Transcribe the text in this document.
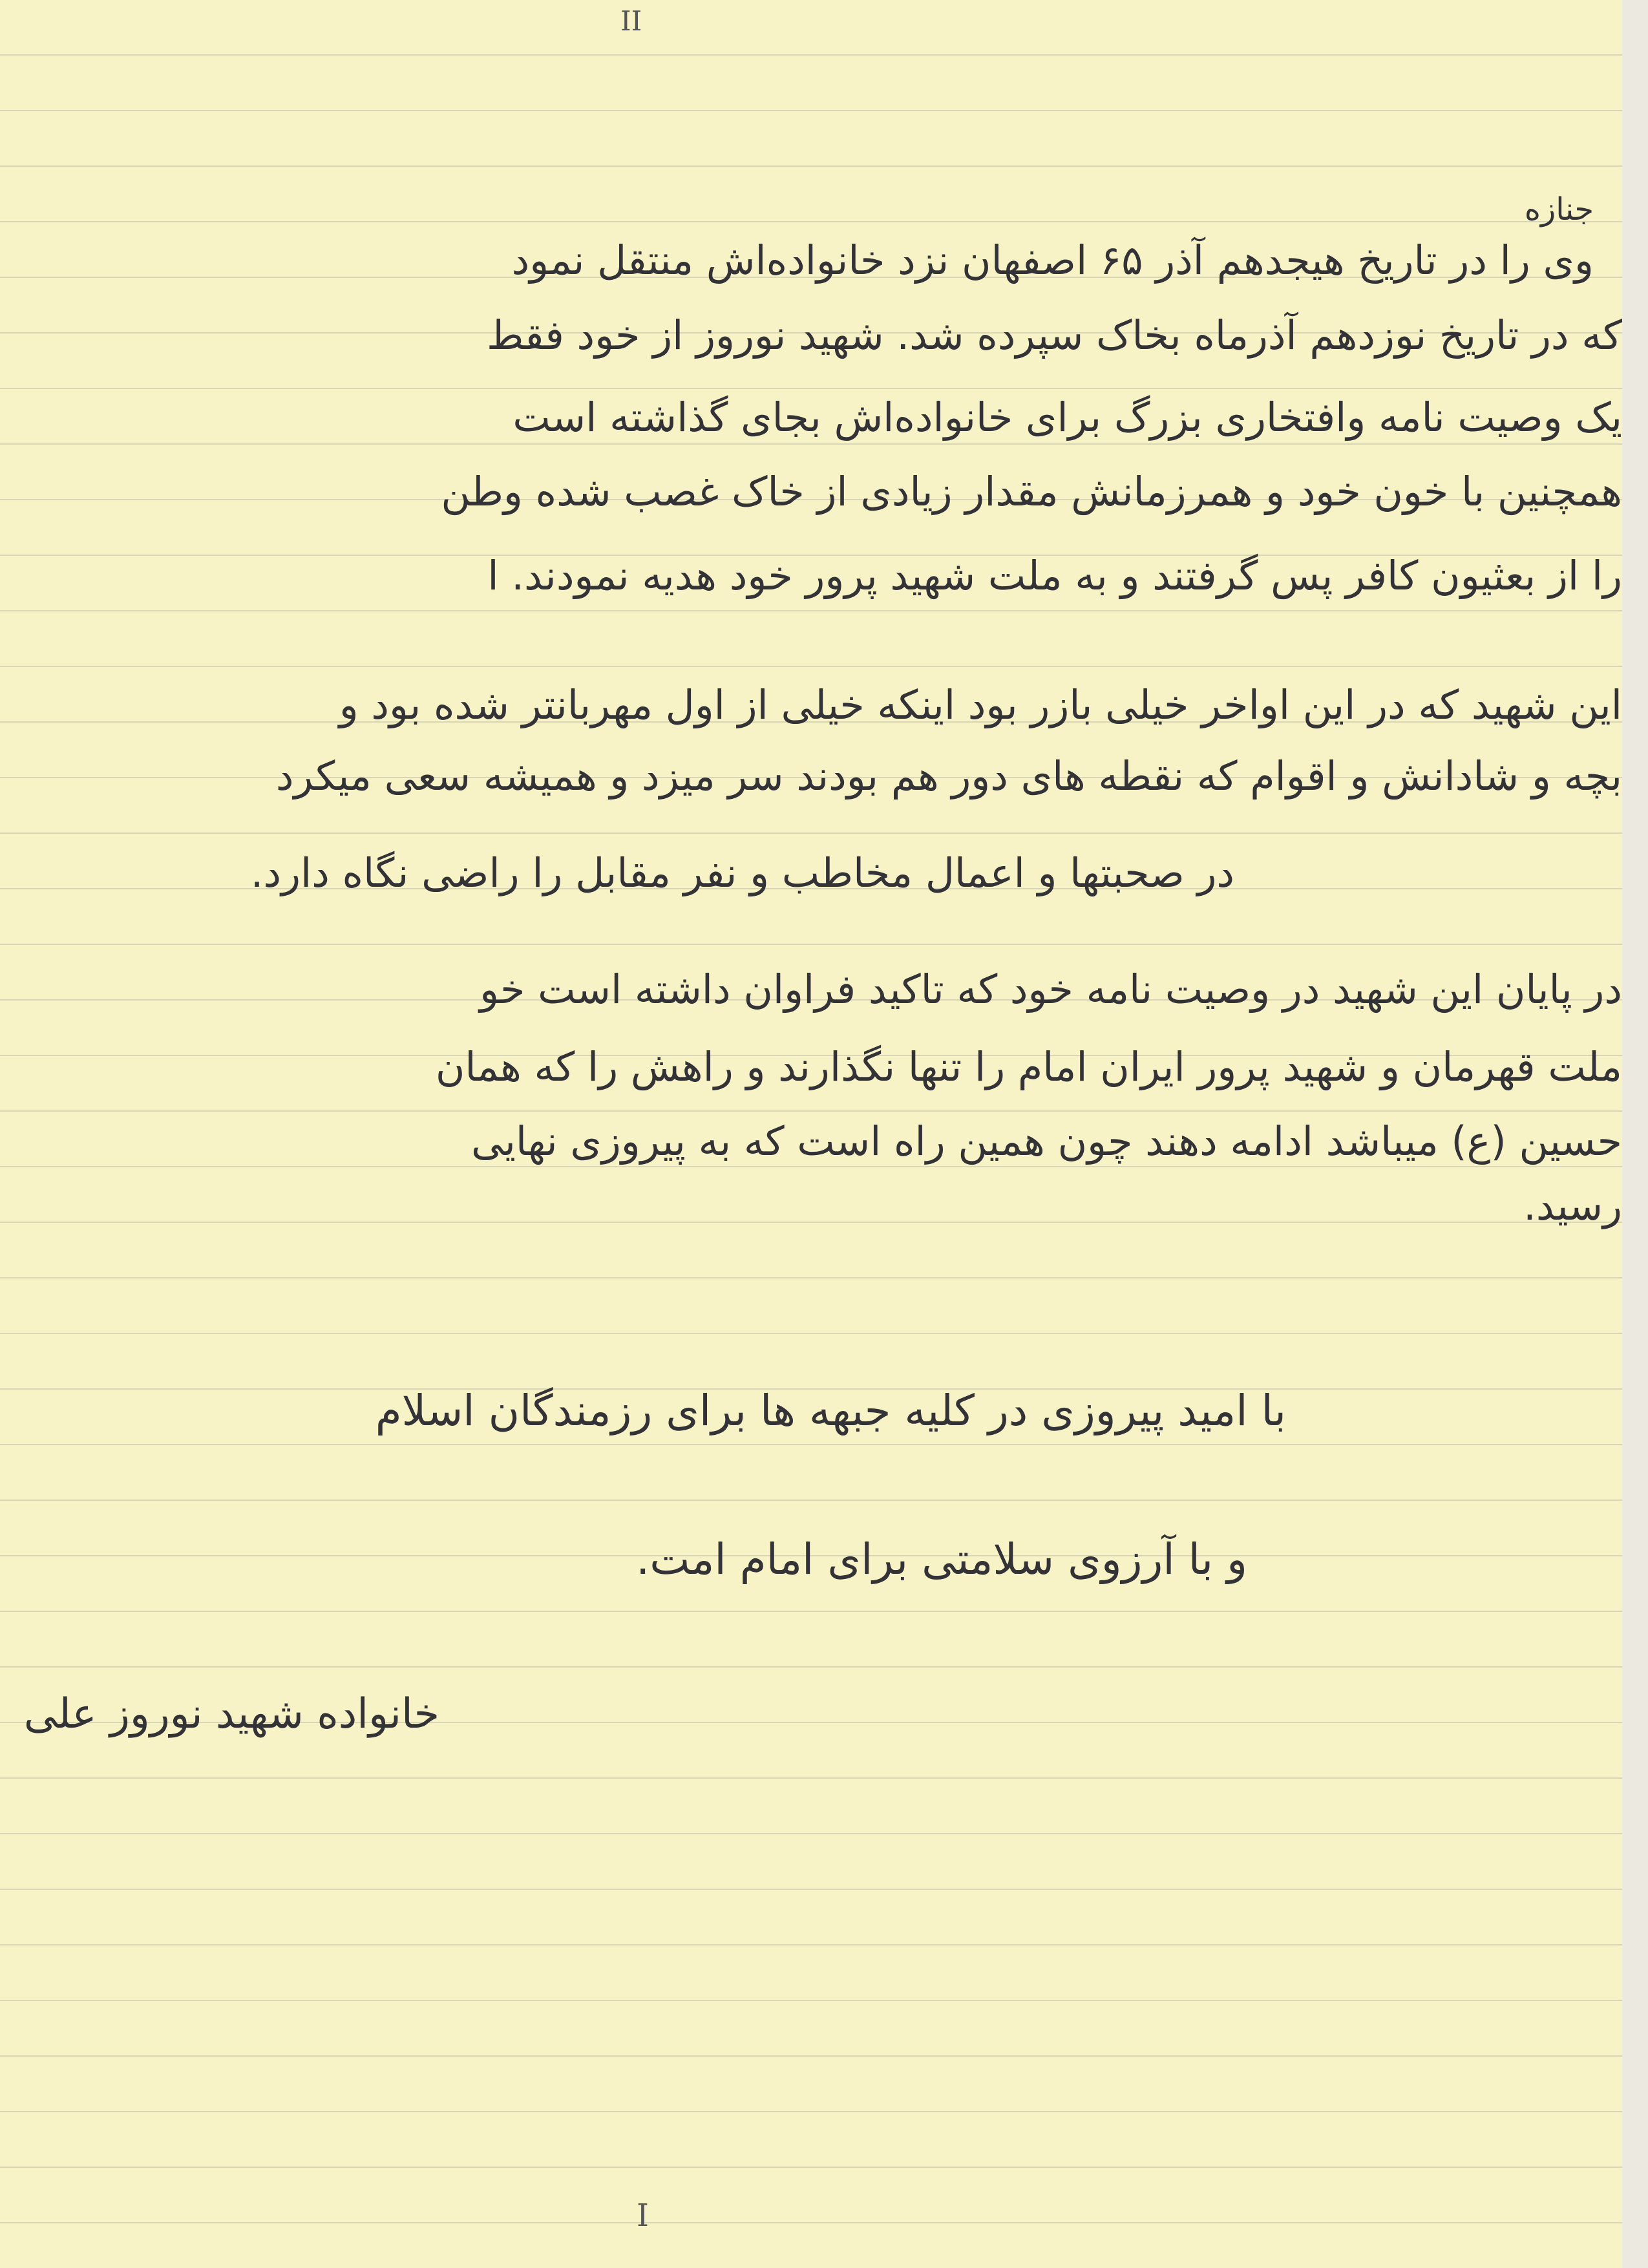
II
جنازه
وی را در تاریخ هیجدهم آذر ۶۵ اصفهان نزد خانواده‌اش منتقل نمود
که در تاریخ نوزدهم آذرماه بخاک سپرده شد. شهید نوروز از خود فقط
یک وصیت نامه وافتخاری بزرگ برای خانواده‌اش بجای گذاشته است
همچنین با خون خود و همرزمانش مقدار زیادی از خاک غصب شده وطن
را از بعثیون کافر پس گرفتند و به ملت شهید پرور خود هدیه نمودند. ا
این شهید که در این اواخر خیلی بازر بود اینکه خیلی از اول مهربانتر شده بود و
بچه و شادانش و اقوام که نقطه های دور هم بودند سر میزد و همیشه سعی میکرد
در صحبتها و اعمال مخاطب و نفر مقابل را راضی نگاه دارد.
در پایان این شهید در وصیت نامه خود که تاکید فراوان داشته است خو
ملت قهرمان و شهید پرور ایران امام را تنها نگذارند و راهش را که همان
حسین (ع) میباشد ادامه دهند چون همین راه است که به پیروزی نهایی
رسید.
با امید پیروزی در کلیه جبهه ها برای رزمندگان اسلام
و با آرزوی سلامتی برای امام امت.
خانواده شهید نوروز علی
I
